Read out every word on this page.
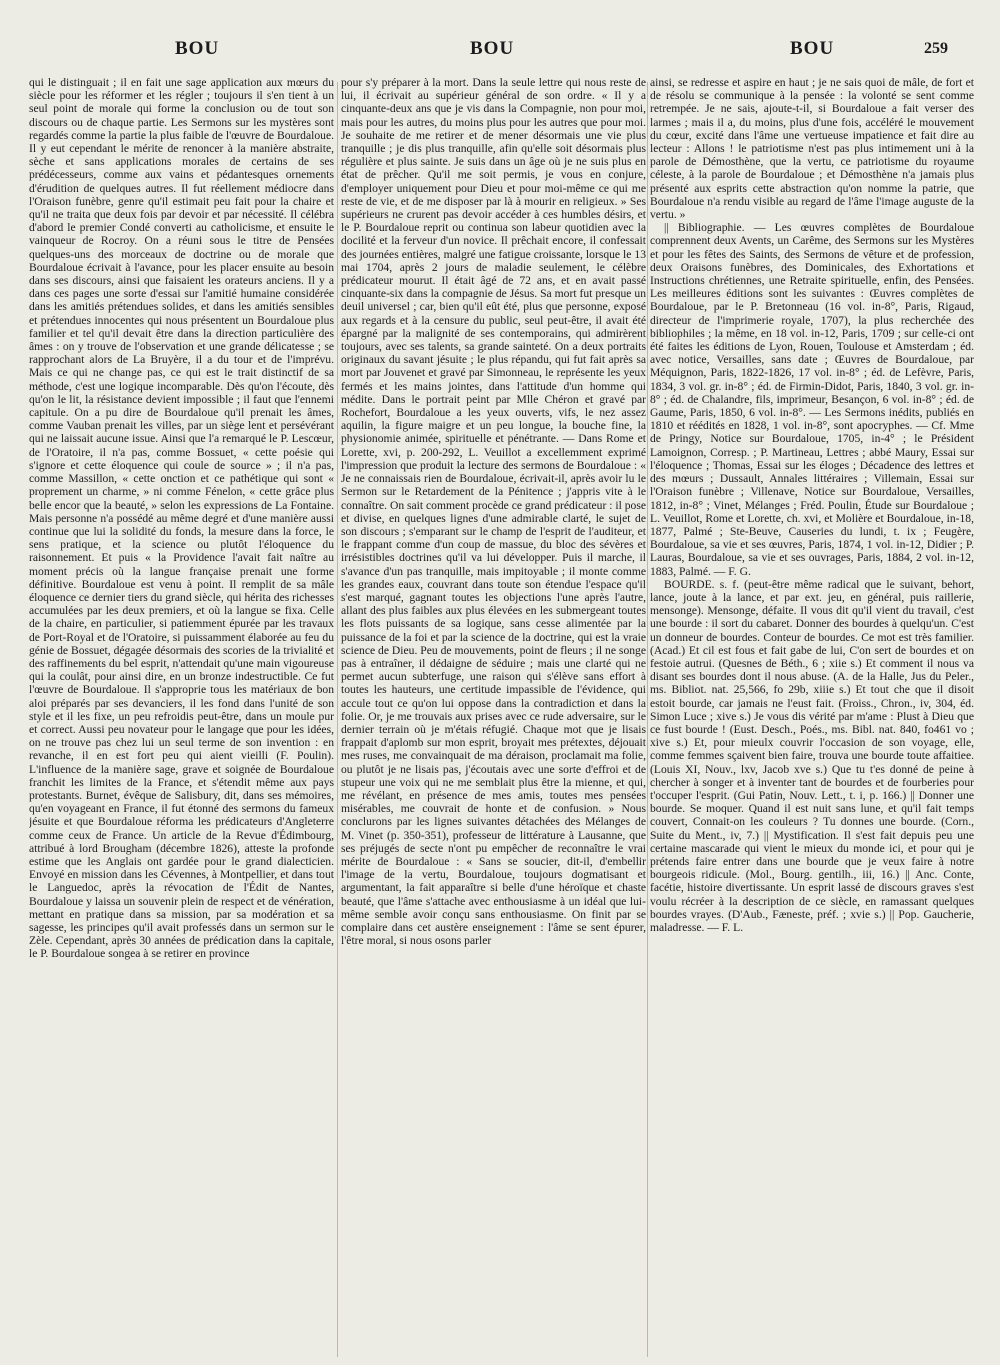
BOU	BOU	BOU	259

qui le distinguait ; il en fait une sage application aux mœurs du siècle pour les réformer et les régler ; toujours il s'en tient à un seul point de morale qui forme la conclusion ou de tout son discours ou de chaque partie. Les Sermons sur les mystères sont regardés comme la partie la plus faible de l'œuvre de Bourdaloue. Il y eut cependant le mérite de renoncer à la manière abstraite, sèche et sans applications morales de certains de ses prédécesseurs, comme aux vains et pédantesques ornements d'érudition de quelques autres. Il fut réellement médiocre dans l'Oraison funèbre, genre qu'il estimait peu fait pour la chaire et qu'il ne traita que deux fois par devoir et par nécessité. Il célébra d'abord le premier Condé converti au catholicisme, et ensuite le vainqueur de Rocroy. On a réuni sous le titre de Pensées quelques-uns des morceaux de doctrine ou de morale que Bourdaloue écrivait à l'avance, pour les placer ensuite au besoin dans ses discours, ainsi que faisaient les orateurs anciens. Il y a dans ces pages une sorte d'essai sur l'amitié humaine considérée dans les amitiés prétendues solides, et dans les amitiés sensibles et prétendues innocentes qui nous présentent un Bourdaloue plus familier et tel qu'il devait être dans la direction particulière des âmes : on y trouve de l'observation et une grande délicatesse ; se rapprochant alors de La Bruyère, il a du tour et de l'imprévu. Mais ce qui ne change pas, ce qui est le trait distinctif de sa méthode, c'est une logique incomparable. Dès qu'on l'écoute, dès qu'on le lit, la résistance devient impossible ; il faut que l'ennemi capitule. On a pu dire de Bourdaloue qu'il prenait les âmes, comme Vauban prenait les villes, par un siège lent et persévérant qui ne laissait aucune issue. Ainsi que l'a remarqué le P. Lescœur, de l'Oratoire, il n'a pas, comme Bossuet, « cette poésie qui s'ignore et cette éloquence qui coule de source » ; il n'a pas, comme Massillon, « cette onction et ce pathétique qui sont « proprement un charme, » ni comme Fénelon, « cette grâce plus belle encor que la beauté, » selon les expressions de La Fontaine. Mais personne n'a possédé au même degré et d'une manière aussi continue que lui la solidité du fonds, la mesure dans la force, le sens pratique, et la science ou plutôt l'éloquence du raisonnement. Et puis « la Providence l'avait fait naître au moment précis où la langue française prenait une forme définitive. Bourdaloue est venu à point. Il remplit de sa mâle éloquence ce dernier tiers du grand siècle, qui hérita des richesses accumulées par les deux premiers, et où la langue se fixa. Celle de la chaire, en particulier, si patiemment épurée par les travaux de Port-Royal et de l'Oratoire, si puissamment élaborée au feu du génie de Bossuet, dégagée désormais des scories de la trivialité et des raffinements du bel esprit, n'attendait qu'une main vigoureuse qui la coulât, pour ainsi dire, en un bronze indestructible. Ce fut l'œuvre de Bourdaloue. Il s'approprie tous les matériaux de bon aloi préparés par ses devanciers, il les fond dans l'unité de son style et il les fixe, un peu refroidis peut-être, dans un moule pur et correct. Aussi peu novateur pour le langage que pour les idées, on ne trouve pas chez lui un seul terme de son invention : en revanche, il en est fort peu qui aient vieilli (F. Poulin). L'influence de la manière sage, grave et soignée de Bourdaloue franchit les limites de la France, et s'étendit même aux pays protestants. Burnet, évêque de Salisbury, dit, dans ses mémoires, qu'en voyageant en France, il fut étonné des sermons du fameux jésuite et que Bourdaloue réforma les prédicateurs d'Angleterre comme ceux de France. Un article de la Revue d'Édimbourg, attribué à lord Brougham (décembre 1826), atteste la profonde estime que les Anglais ont gardée pour le grand dialecticien. Envoyé en mission dans les Cévennes, à Montpellier, et dans tout le Languedoc, après la révocation de l'Édit de Nantes, Bourdaloue y laissa un souvenir plein de respect et de vénération, mettant en pratique dans sa mission, par sa modération et sa sagesse, les principes qu'il avait professés dans un sermon sur le Zèle. Cependant, après 30 années de prédication dans la capitale, le P. Bourdaloue songea à se retirer en province

pour s'y préparer à la mort. Dans la seule lettre qui nous reste de lui, il écrivait au supérieur général de son ordre. « Il y a cinquante-deux ans que je vis dans la Compagnie, non pour moi, mais pour les autres, du moins plus pour les autres que pour moi. Je souhaite de me retirer et de mener désormais une vie plus tranquille ; je dis plus tranquille, afin qu'elle soit désormais plus régulière et plus sainte. Je suis dans un âge où je ne suis plus en état de prêcher. Qu'il me soit permis, je vous en conjure, d'employer uniquement pour Dieu et pour moi-même ce qui me reste de vie, et de me disposer par là à mourir en religieux. » Ses supérieurs ne crurent pas devoir accéder à ces humbles désirs, et le P. Bourdaloue reprit ou continua son labeur quotidien avec la docilité et la ferveur d'un novice. Il prêchait encore, il confessait des journées entières, malgré une fatigue croissante, lorsque le 13 mai 1704, après 2 jours de maladie seulement, le célèbre prédicateur mourut. Il était âgé de 72 ans, et en avait passé cinquante-six dans la compagnie de Jésus. Sa mort fut presque un deuil universel ; car, bien qu'il eût été, plus que personne, exposé aux regards et à la censure du public, seul peut-être, il avait été épargné par la malignité de ses contemporains, qui admirèrent toujours, avec ses talents, sa grande sainteté. On a deux portraits originaux du savant jésuite ; le plus répandu, qui fut fait après sa mort par Jouvenet et gravé par Simonneau, le représente les yeux fermés et les mains jointes, dans l'attitude d'un homme qui médite. Dans le portrait peint par Mlle Chéron et gravé par Rochefort, Bourdaloue a les yeux ouverts, vifs, le nez assez aquilin, la figure maigre et un peu longue, la bouche fine, la physionomie animée, spirituelle et pénétrante. — Dans Rome et Lorette, xvi, p. 200-292, L. Veuillot a excellemment exprimé l'impression que produit la lecture des sermons de Bourdaloue : « Je ne connaissais rien de Bourdaloue, écrivait-il, après avoir lu le Sermon sur le Retardement de la Pénitence ; j'appris vite à le connaître. On sait comment procède ce grand prédicateur : il pose et divise, en quelques lignes d'une admirable clarté, le sujet de son discours ; s'emparant sur le champ de l'esprit de l'auditeur, et le frappant comme d'un coup de massue, du bloc des sévères et irrésistibles doctrines qu'il va lui développer. Puis il marche, il s'avance d'un pas tranquille, mais impitoyable ; il monte comme les grandes eaux, couvrant dans toute son étendue l'espace qu'il s'est marqué, gagnant toutes les objections l'une après l'autre, allant des plus faibles aux plus élevées en les submergeant toutes les flots puissants de sa logique, sans cesse alimentée par la puissance de la foi et par la science de la doctrine, qui est la vraie science de Dieu. Peu de mouvements, point de fleurs ; il ne songe pas à entraîner, il dédaigne de séduire ; mais une clarté qui ne permet aucun subterfuge, une raison qui s'élève sans effort à toutes les hauteurs, une certitude impassible de l'évidence, qui accule tout ce qu'on lui oppose dans la contradiction et dans la folie. Or, je me trouvais aux prises avec ce rude adversaire, sur le dernier terrain où je m'étais réfugié. Chaque mot que je lisais frappait d'aplomb sur mon esprit, broyait mes prétextes, déjouait mes ruses, me convainquait de ma déraison, proclamait ma folie, ou plutôt je ne lisais pas, j'écoutais avec une sorte d'effroi et de stupeur une voix qui ne me semblait plus être la mienne, et qui, me révélant, en présence de mes amis, toutes mes pensées misérables, me couvrait de honte et de confusion. » Nous conclurons par les lignes suivantes détachées des Mélanges de M. Vinet (p. 350-351), professeur de littérature à Lausanne, que ses préjugés de secte n'ont pu empêcher de reconnaître le vrai mérite de Bourdaloue : « Sans se soucier, dit-il, d'embellir l'image de la vertu, Bourdaloue, toujours dogmatisant et argumentant, la fait apparaître si belle d'une héroïque et chaste beauté, que l'âme s'attache avec enthousiasme à un idéal que lui-même semble avoir conçu sans enthousiasme. On finit par se complaire dans cet austère enseignement : l'âme se sent épurer, l'être moral, si nous osons parler

ainsi, se redresse et aspire en haut ; je ne sais quoi de mâle, de fort et de résolu se communique à la pensée : la volonté se sent comme retrempée. Je ne sais, ajoute-t-il, si Bourdaloue a fait verser des larmes ; mais il a, du moins, plus d'une fois, accéléré le mouvement du cœur, excité dans l'âme une vertueuse impatience et fait dire au lecteur : Allons ! le patriotisme n'est pas plus intimement uni à la parole de Démosthène, que la vertu, ce patriotisme du royaume céleste, à la parole de Bourdaloue ; et Démosthène n'a jamais plus présenté aux esprits cette abstraction qu'on nomme la patrie, que Bourdaloue n'a rendu visible au regard de l'âme l'image auguste de la vertu. »

|| Bibliographie. — Les œuvres complètes de Bourdaloue comprennent deux Avents, un Carême, des Sermons sur les Mystères et pour les fêtes des Saints, des Sermons de vêture et de profession, deux Oraisons funèbres, des Dominicales, des Exhortations et Instructions chrétiennes, une Retraite spirituelle, enfin, des Pensées. Les meilleures éditions sont les suivantes : Œuvres complètes de Bourdaloue, par le P. Bretonneau (16 vol. in-8°, Paris, Rigaud, directeur de l'imprimerie royale, 1707), la plus recherchée des bibliophiles ; la même, en 18 vol. in-12, Paris, 1709 ; sur celle-ci ont été faites les éditions de Lyon, Rouen, Toulouse et Amsterdam ; éd. avec notice, Versailles, sans date ; Œuvres de Bourdaloue, par Méquignon, Paris, 1822-1826, 17 vol. in-8° ; éd. de Lefèvre, Paris, 1834, 3 vol. gr. in-8° ; éd. de Firmin-Didot, Paris, 1840, 3 vol. gr. in-8° ; éd. de Chalandre, fils, imprimeur, Besançon, 6 vol. in-8° ; éd. de Gaume, Paris, 1850, 6 vol. in-8°. — Les Sermons inédits, publiés en 1810 et réédités en 1828, 1 vol. in-8°, sont apocryphes. — Cf. Mme de Pringy, Notice sur Bourdaloue, 1705, in-4° ; le Président Lamoignon, Corresp. ; P. Martineau, Lettres ; abbé Maury, Essai sur l'éloquence ; Thomas, Essai sur les éloges ; Décadence des lettres et des mœurs ; Dussault, Annales littéraires ; Villemain, Essai sur l'Oraison funèbre ; Villenave, Notice sur Bourdaloue, Versailles, 1812, in-8° ; Vinet, Mélanges ; Fréd. Poulin, Étude sur Bourdaloue ; L. Veuillot, Rome et Lorette, ch. xvi, et Molière et Bourdaloue, in-18, 1877, Palmé ; Ste-Beuve, Causeries du lundi, t. ix ; Feugère, Bourdaloue, sa vie et ses œuvres, Paris, 1874, 1 vol. in-12, Didier ; P. Lauras, Bourdaloue, sa vie et ses ouvrages, Paris, 1884, 2 vol. in-12, 1883, Palmé. — F. G.

BOURDE. s. f. (peut-être même radical que le suivant, behort, lance, joute à la lance, et par ext. jeu, en général, puis raillerie, mensonge). Mensonge, défaite. Il vous dit qu'il vient du travail, c'est une bourde : il sort du cabaret. Donner des bourdes à quelqu'un. C'est un donneur de bourdes. Conteur de bourdes. Ce mot est très familier. (Acad.) Et cil est fous et fait gabe de lui, C'on sert de bourdes et on festoie autrui. (Quesnes de Béth., 6 ; xiie s.) Et comment il nous va disant ses bourdes dont il nous abuse. (A. de la Halle, Jus du Peler., ms. Bibliot. nat. 25,566, fo 29b, xiiie s.) Et tout che que il disoit estoit bourde, car jamais ne l'eust fait. (Froiss., Chron., iv, 304, éd. Simon Luce ; xive s.) Je vous dis vérité par m'ame : Plust à Dieu que ce fust bourde ! (Eust. Desch., Poés., ms. Bibl. nat. 840, fo461 vo ; xive s.) Et, pour mieulx couvrir l'occasion de son voyage, elle, comme femmes sçaivent bien faire, trouva une bourde toute affaitiee. (Louis XI, Nouv., lxv, Jacob xve s.) Que tu t'es donné de peine à chercher à songer et à inventer tant de bourdes et de fourberies pour t'occuper l'esprit. (Gui Patin, Nouv. Lett., t. i, p. 166.) || Donner une bourde. Se moquer. Quand il est nuit sans lune, et qu'il fait temps couvert, Connait-on les couleurs ? Tu donnes une bourde. (Corn., Suite du Ment., iv, 7.) || Mystification. Il s'est fait depuis peu une certaine mascarade qui vient le mieux du monde ici, et pour qui je prétends faire entrer dans une bourde que je veux faire à notre bourgeois ridicule. (Mol., Bourg. gentilh., iii, 16.) || Anc. Conte, facétie, histoire divertissante. Un esprit lassé de discours graves s'est voulu récréer à la description de ce siècle, en ramassant quelques bourdes vrayes. (D'Aub., Fæneste, préf. ; xvie s.) || Pop. Gaucherie, maladresse. — F. L.
